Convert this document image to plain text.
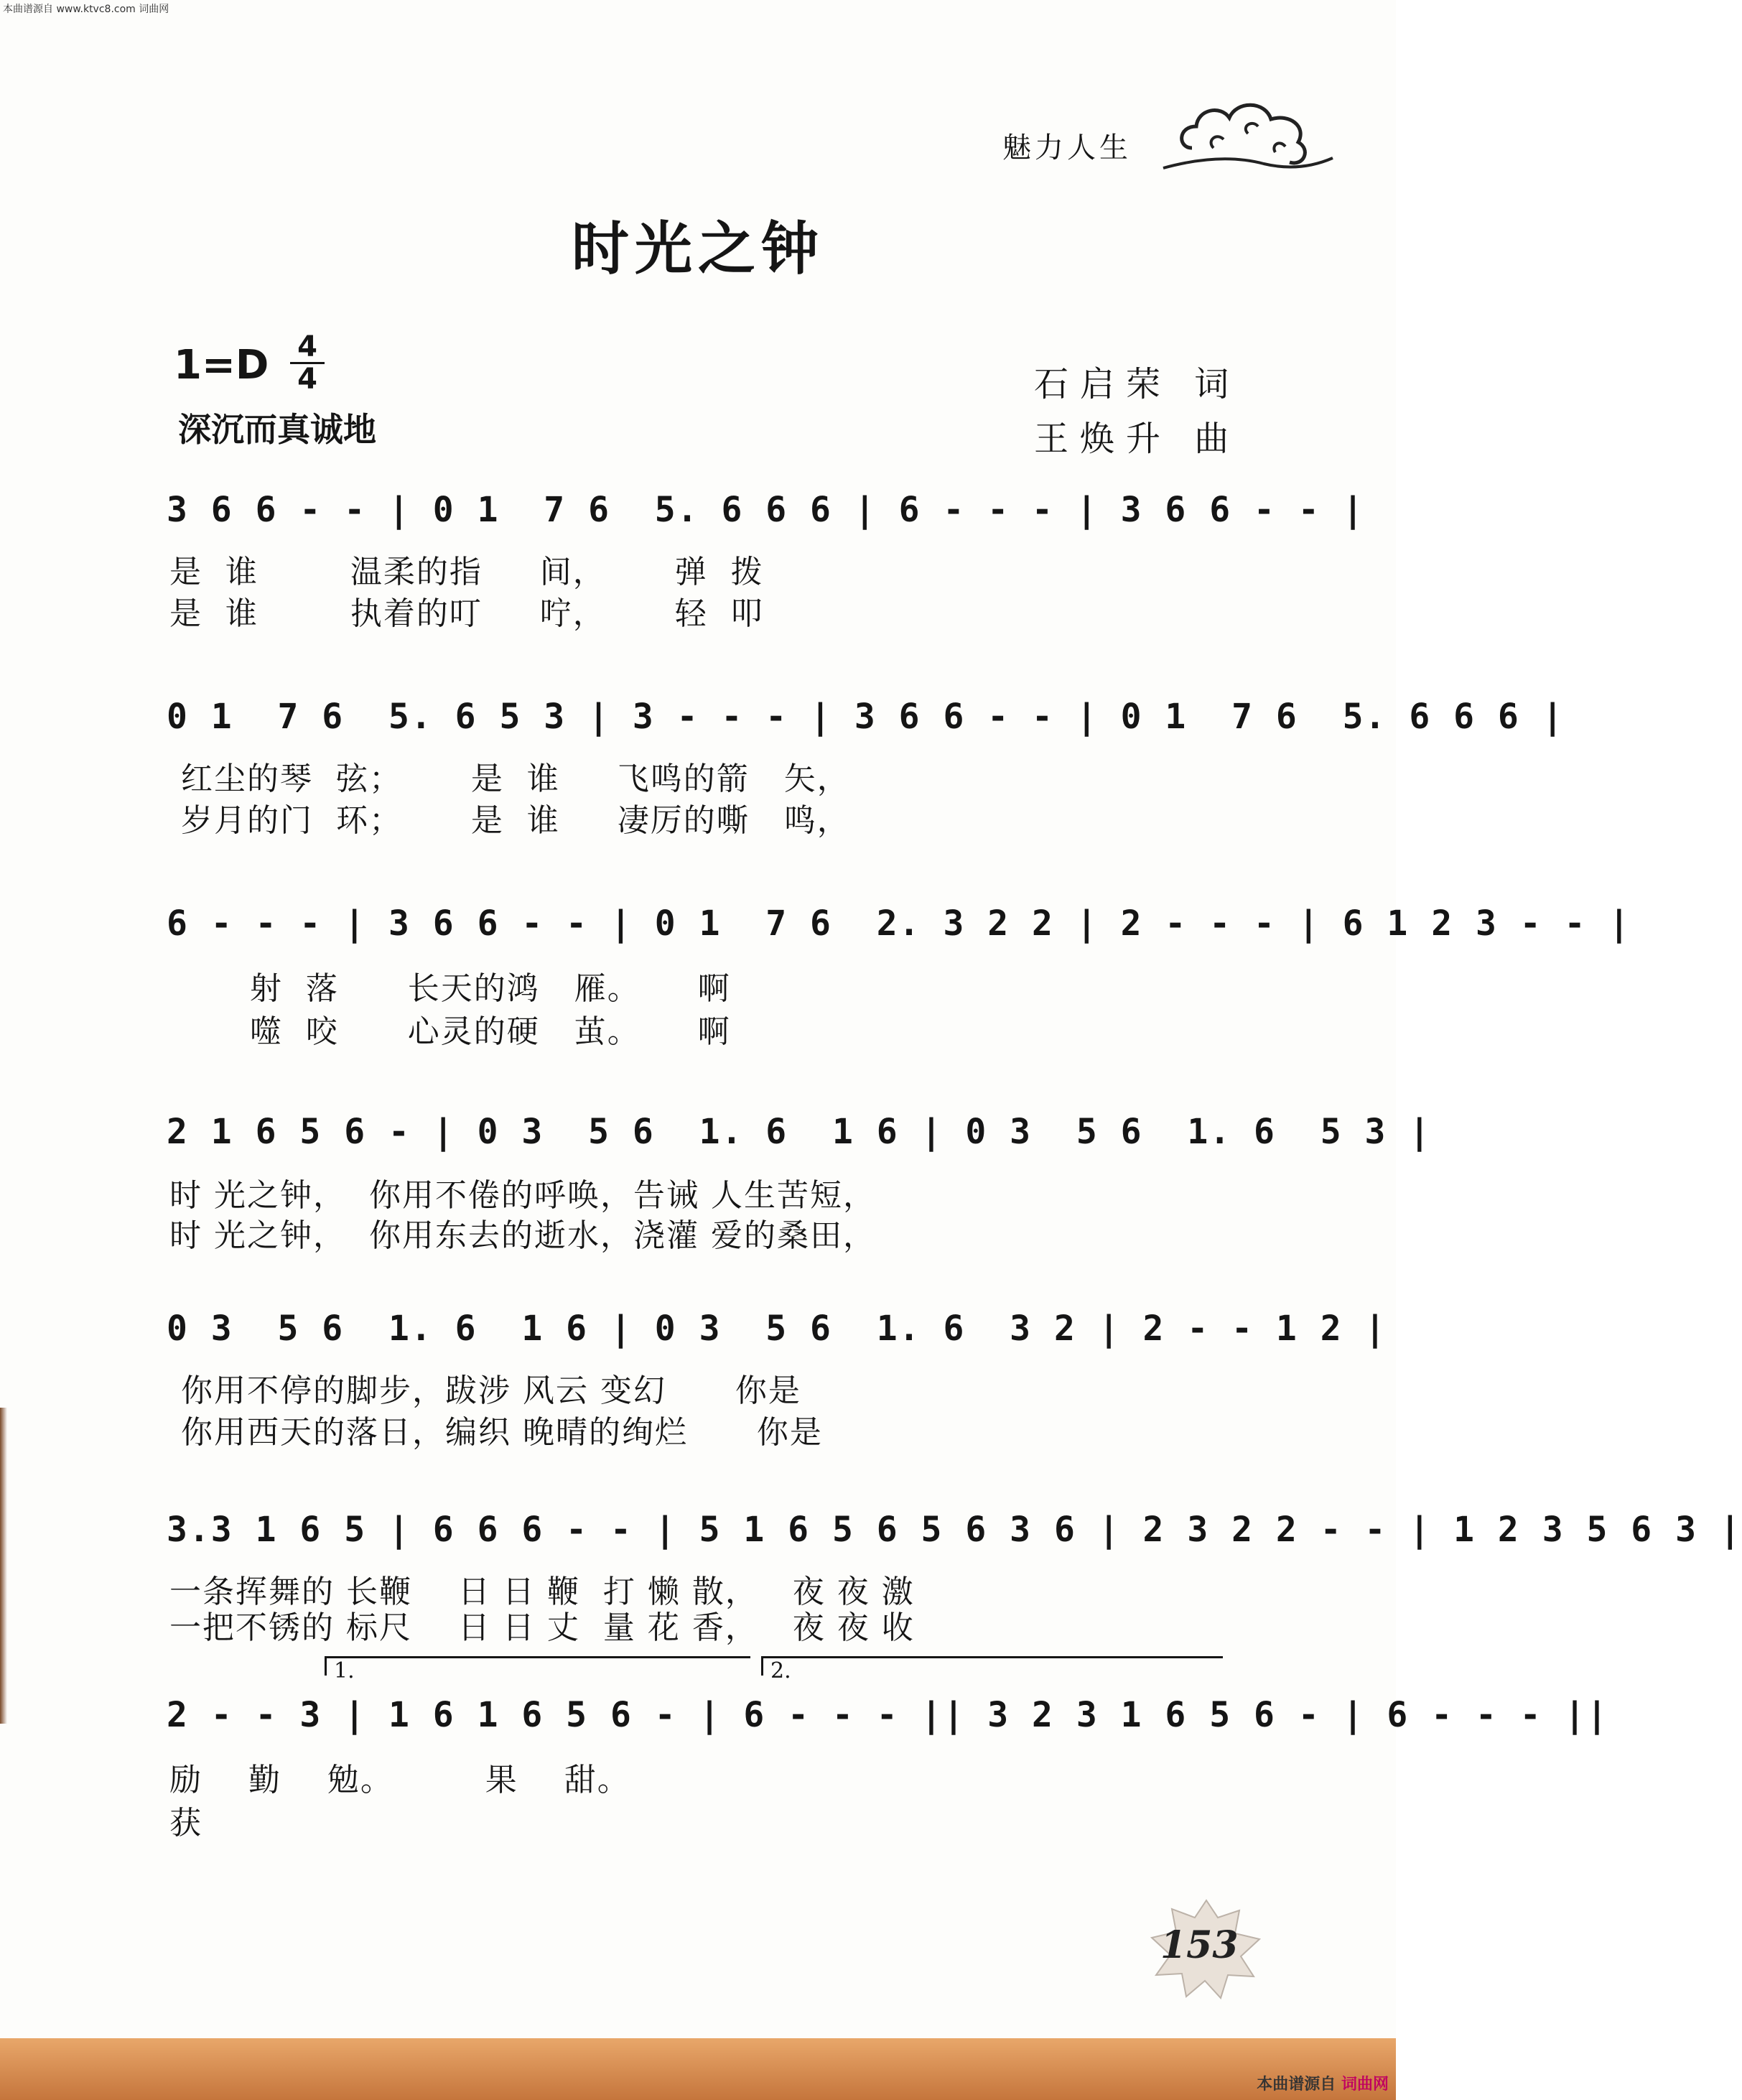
本曲谱源自 www.ktvc8.com 词曲网
魅力人生
时光之钟
1=D 4
4
深沉而真诚地
石启荣 词
王焕升 曲
3 6 6 - - | 0 1  7 6  5. 6 6 6 | 6 - - - | 3 6 6 - - |
是  谁        温柔的指     间，      弹  拨
是  谁        执着的叮     咛，      轻  叩
0 1  7 6  5. 6 5 3 | 3 - - - | 3 6 6 - - | 0 1  7 6  5. 6 6 6 |
红尘的琴  弦；      是  谁     飞鸣的箭   矢，
岁月的门  环；      是  谁     凄厉的嘶   鸣，
6 - - - | 3 6 6 - - | 0 1  7 6  2. 3 2 2 | 2 - - - | 6 1 2 3 - - |
射  落      长天的鸿   雁。     啊
噬  咬      心灵的硬   茧。     啊
2 1 6 5 6 - | 0 3  5 6  1. 6  1 6 | 0 3  5 6  1. 6  5 3 |
时 光之钟，  你用不倦的呼唤，告诫 人生苦短，
时 光之钟，  你用东去的逝水，浇灌 爱的桑田，
0 3  5 6  1. 6  1 6 | 0 3  5 6  1. 6  3 2 | 2 - - 1 2 |
你用不停的脚步，跋涉 风云 变幻      你是
你用西天的落日，编织 晚晴的绚烂      你是
3.3 1 6 5 | 6 6 6 - - | 5 1 6 5 6 5 6 3 6 | 2 3 2 2 - - | 1 2 3 5 6 3 |
一条挥舞的 长鞭    日 日 鞭  打 懒 散，   夜 夜 激
一把不锈的 标尺    日 日 丈  量 花 香，   夜 夜 收
1.	2.
2 - - 3 | 1 6 1 6 5 6 - | 6 - - - || 3 2 3 1 6 5 6 - | 6 - - - ||
励    勤    勉。        果    甜。
获
153
本曲谱源自 词曲网
